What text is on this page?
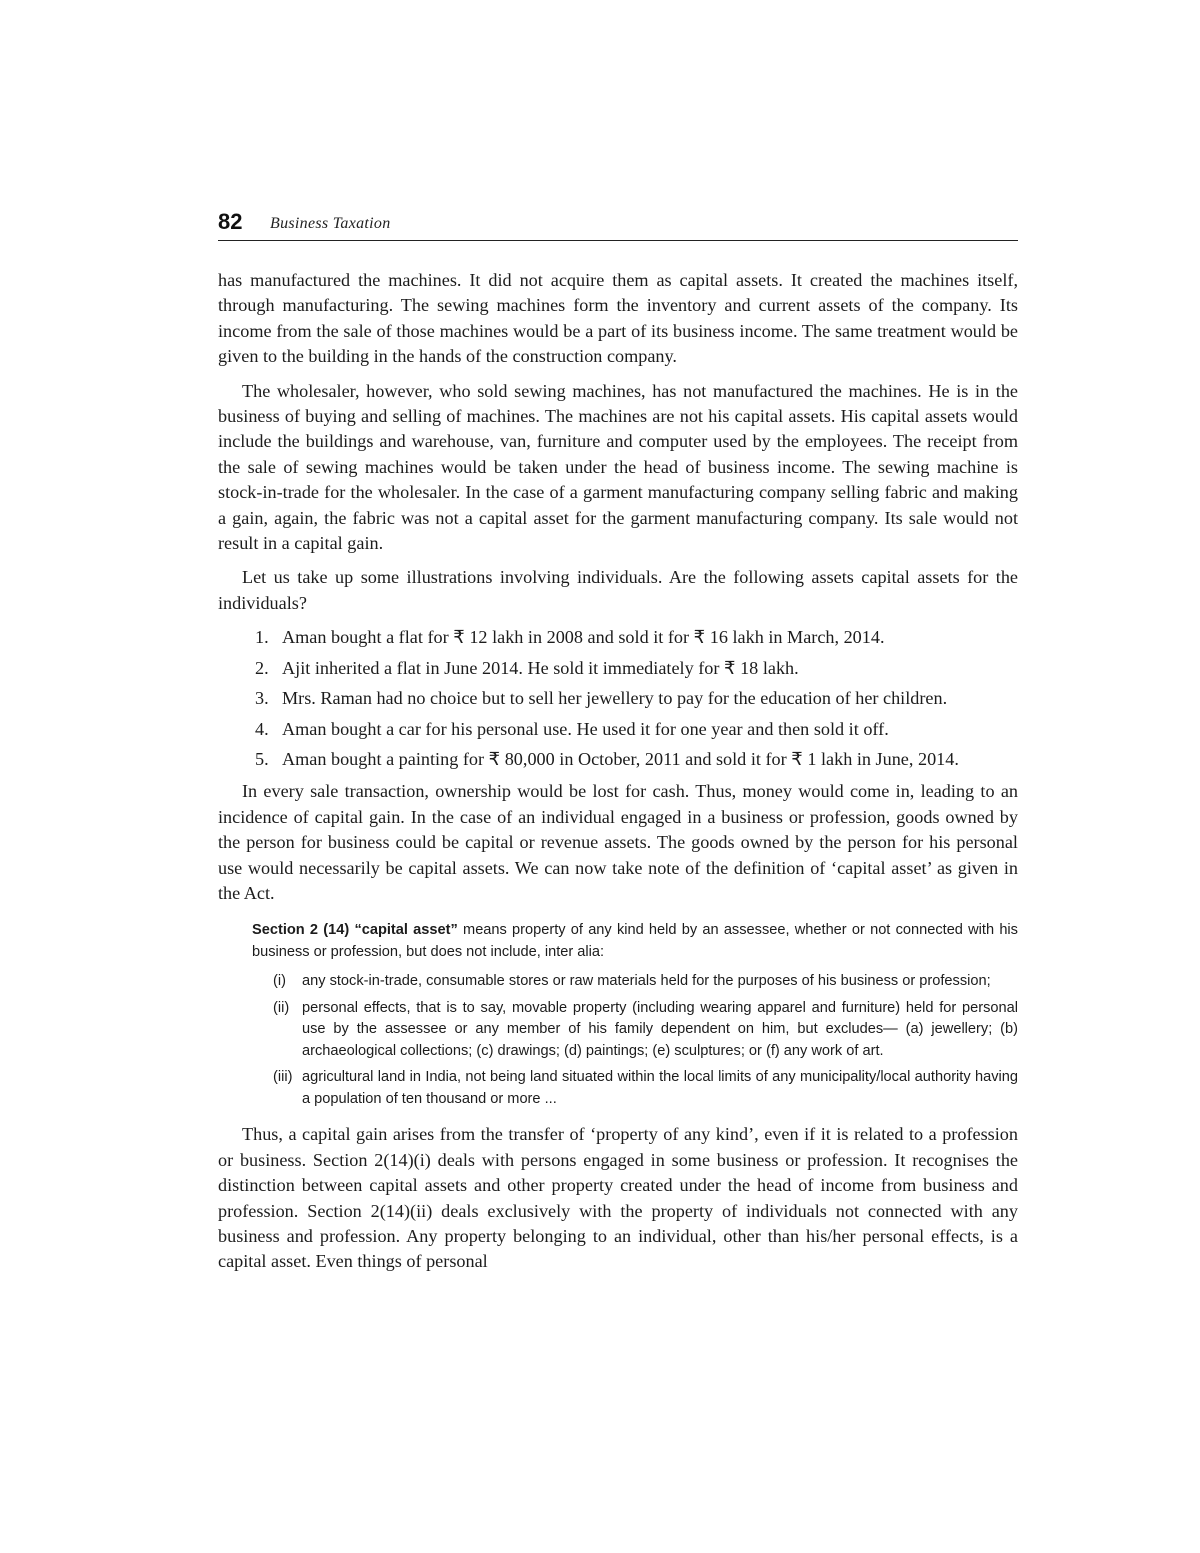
82 Business Taxation

has manufactured the machines. It did not acquire them as capital assets. It created the machines itself, through manufacturing. The sewing machines form the inventory and current assets of the company. Its income from the sale of those machines would be a part of its business income. The same treatment would be given to the building in the hands of the construction company.

The wholesaler, however, who sold sewing machines, has not manufactured the machines. He is in the business of buying and selling of machines. The machines are not his capital assets. His capital assets would include the buildings and warehouse, van, furniture and computer used by the employees. The receipt from the sale of sewing machines would be taken under the head of business income. The sewing machine is stock-in-trade for the wholesaler. In the case of a garment manufacturing company selling fabric and making a gain, again, the fabric was not a capital asset for the garment manufacturing company. Its sale would not result in a capital gain.

Let us take up some illustrations involving individuals. Are the following assets capital assets for the individuals?

1. Aman bought a flat for ₹ 12 lakh in 2008 and sold it for ₹ 16 lakh in March, 2014.
2. Ajit inherited a flat in June 2014. He sold it immediately for ₹ 18 lakh.
3. Mrs. Raman had no choice but to sell her jewellery to pay for the education of her children.
4. Aman bought a car for his personal use. He used it for one year and then sold it off.
5. Aman bought a painting for ₹ 80,000 in October, 2011 and sold it for ₹ 1 lakh in June, 2014.

In every sale transaction, ownership would be lost for cash. Thus, money would come in, leading to an incidence of capital gain. In the case of an individual engaged in a business or profession, goods owned by the person for business could be capital or revenue assets. The goods owned by the person for his personal use would necessarily be capital assets. We can now take note of the definition of ‘capital asset’ as given in the Act.

Section 2 (14) “capital asset” means property of any kind held by an assessee, whether or not connected with his business or profession, but does not include, inter alia:

(i) any stock-in-trade, consumable stores or raw materials held for the purposes of his business or profession;
(ii) personal effects, that is to say, movable property (including wearing apparel and furniture) held for personal use by the assessee or any member of his family dependent on him, but excludes— (a) jewellery; (b) archaeological collections; (c) drawings; (d) paintings; (e) sculptures; or (f) any work of art.
(iii) agricultural land in India, not being land situated within the local limits of any municipality/local authority having a population of ten thousand or more ...

Thus, a capital gain arises from the transfer of ‘property of any kind’, even if it is related to a profession or business. Section 2(14)(i) deals with persons engaged in some business or profession. It recognises the distinction between capital assets and other property created under the head of income from business and profession. Section 2(14)(ii) deals exclusively with the property of individuals not connected with any business and profession. Any property belonging to an individual, other than his/her personal effects, is a capital asset. Even things of personal
